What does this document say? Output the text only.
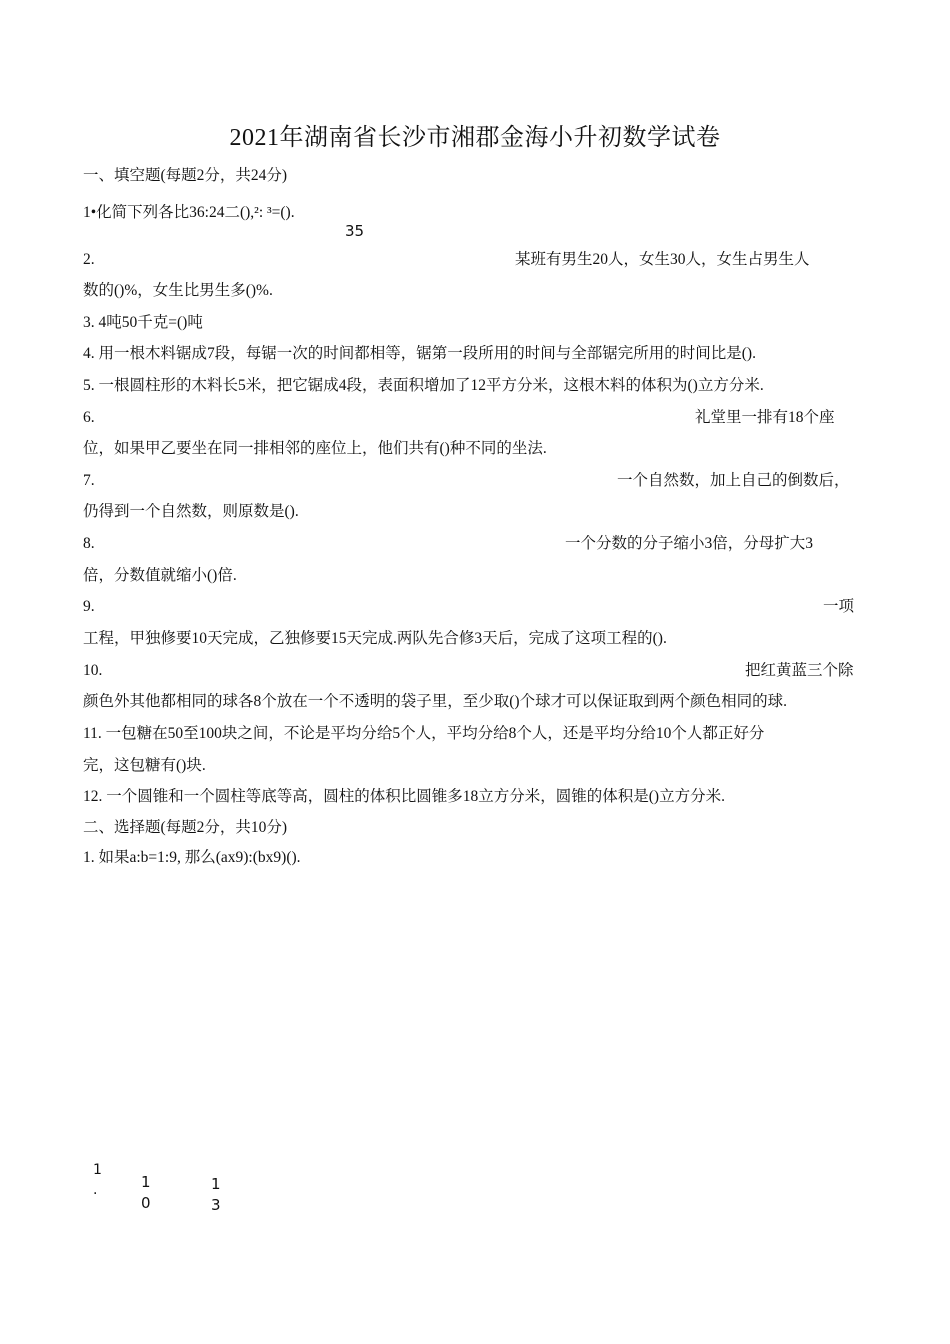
2021年湖南省长沙市湘郡金海小升初数学试卷
一、填空题(每题2分，共24分)
1•化简下列各比36:24二(),²: ³=().
35
2.	某班有男生20人，女生30人，女生占男生人
数的()%，女生比男生多()%.
3. 4吨50千克=()吨
4. 用一根木料锯成7段，每锯一次的时间都相等，锯第一段所用的时间与全部锯完所用的时间比是().
5. 一根圆柱形的木料长5米，把它锯成4段，表面积增加了12平方分米，这根木料的体积为()立方分米.
6.	礼堂里一排有18个座
位，如果甲乙要坐在同一排相邻的座位上，他们共有()种不同的坐法.
7.	一个自然数，加上自己的倒数后，
仍得到一个自然数，则原数是().
8.	一个分数的分子缩小3倍，分母扩大3
倍，分数值就缩小()倍.
9.	一项
工程，甲独修要10天完成，乙独修要15天完成.两队先合修3天后，完成了这项工程的().
10.	把红黄蓝三个除
颜色外其他都相同的球各8个放在一个不透明的袋子里，至少取()个球才可以保证取到两个颜色相同的球.
11. 一包糖在50至100块之间，不论是平均分给5个人，平均分给8个人，还是平均分给10个人都正好分
完，这包糖有()块.
12. 一个圆锥和一个圆柱等底等高，圆柱的体积比圆锥多18立方分米，圆锥的体积是()立方分米.
二、选择题(每题2分，共10分)
1. 如果a:b=1:9, 那么(ax9):(bx9)().
1
.	1
0
1
3
